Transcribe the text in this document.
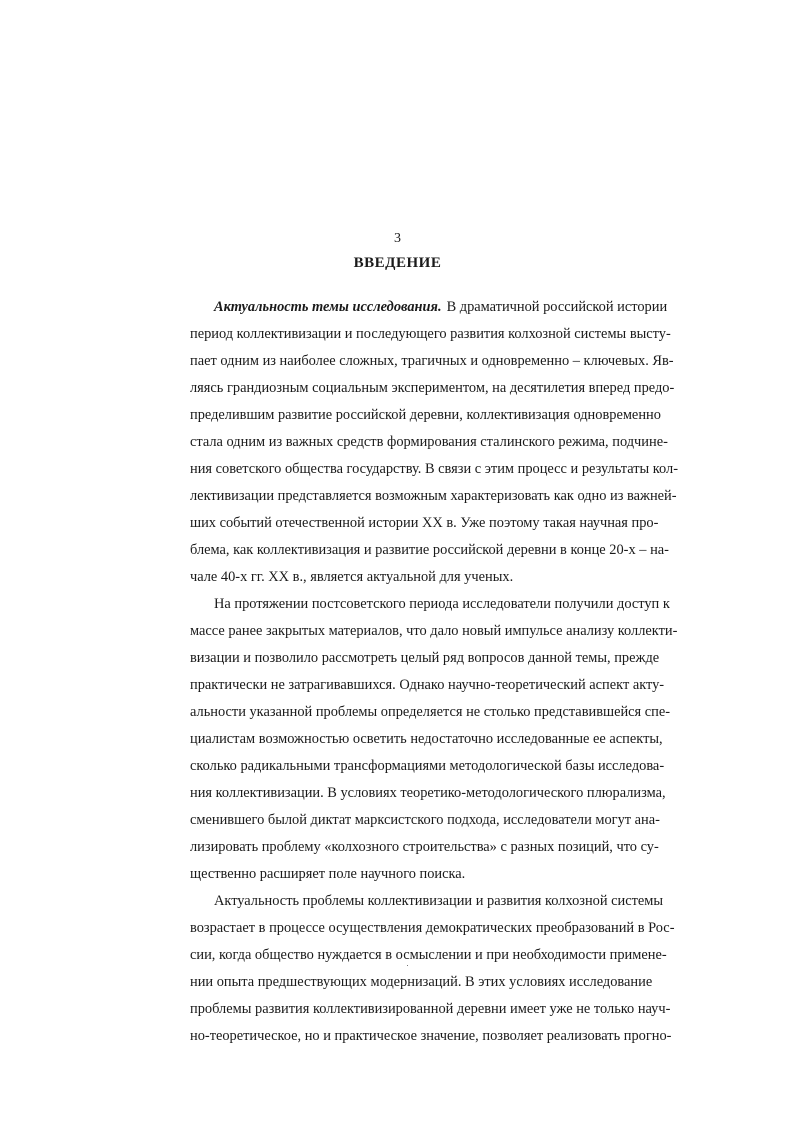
3
ВВЕДЕНИЕ
Актуальность темы исследования. В драматичной российской истории
период коллективизации и последующего развития колхозной системы высту-
пает одним из наиболее сложных, трагичных и одновременно – ключевых. Яв-
ляясь грандиозным социальным экспериментом, на десятилетия вперед предо-
пределившим развитие российской деревни, коллективизация одновременно
стала одним из важных средств формирования сталинского режима, подчине-
ния советского общества государству. В связи с этим процесс и результаты кол-
лективизации представляется возможным характеризовать как одно из важней-
ших событий отечественной истории XX в. Уже поэтому такая научная про-
блема, как коллективизация и развитие российской деревни в конце 20-х – на-
чале 40-х гг. XX в., является актуальной для ученых.
На протяжении постсоветского периода исследователи получили доступ к
массе ранее закрытых материалов, что дало новый импульсе анализу коллекти-
визации и позволило рассмотреть целый ряд вопросов данной темы, прежде
практически не затрагивавшихся. Однако научно-теоретический аспект акту-
альности указанной проблемы определяется не столько представившейся спе-
циалистам возможностью осветить недостаточно исследованные ее аспекты,
сколько радикальными трансформациями методологической базы исследова-
ния коллективизации. В условиях теоретико-методологического плюрализма,
сменившего былой диктат марксистского подхода, исследователи могут ана-
лизировать проблему «колхозного строительства» с разных позиций, что су-
щественно расширяет поле научного поиска.
Актуальность проблемы коллективизации и развития колхозной системы
возрастает в процессе осуществления демократических преобразований в Рос-
сии, когда общество нуждается в осмыслении и при необходимости примене-
нии опыта предшествующих модернизаций. В этих условиях исследование
проблемы развития коллективизированной деревни имеет уже не только науч-
но-теоретическое, но и практическое значение, позволяет реализовать прогно-
